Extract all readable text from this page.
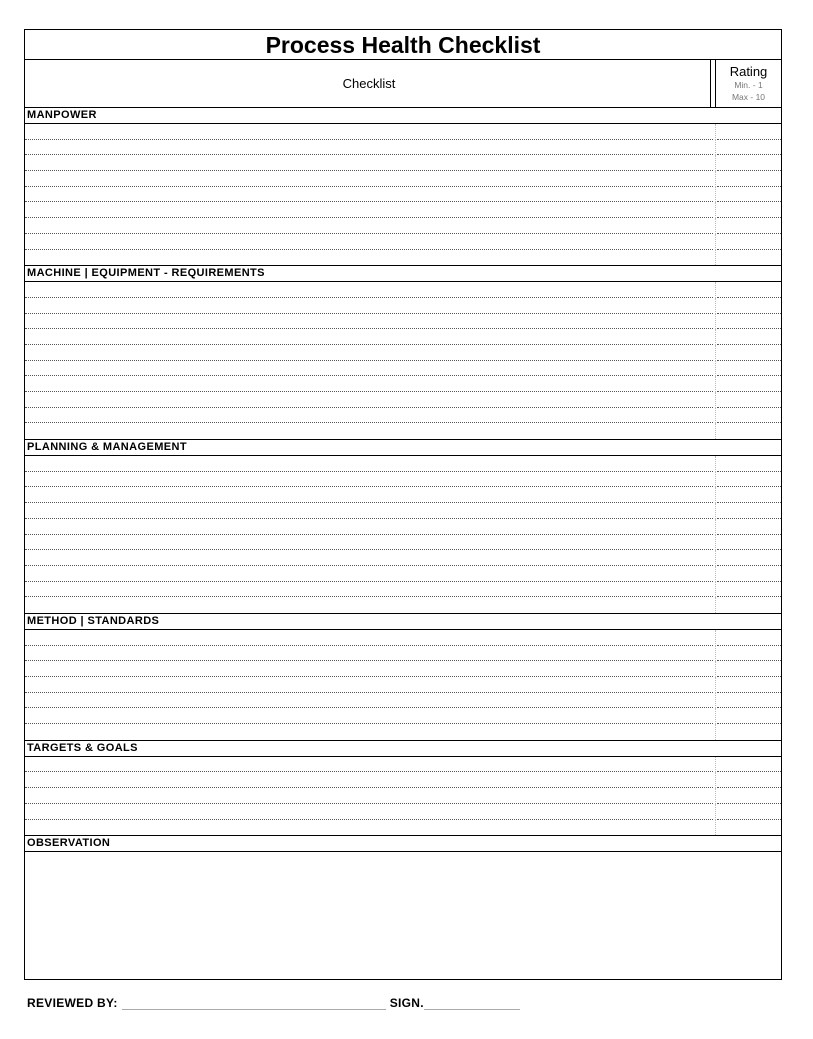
Process Health Checklist
Checklist
Rating
Min. - 1
Max - 10
MANPOWER
MACHINE | EQUIPMENT - REQUIREMENTS
PLANNING & MANAGEMENT
METHOD | STANDARDS
TARGETS & GOALS
OBSERVATION
REVIEWED BY:	SIGN.
